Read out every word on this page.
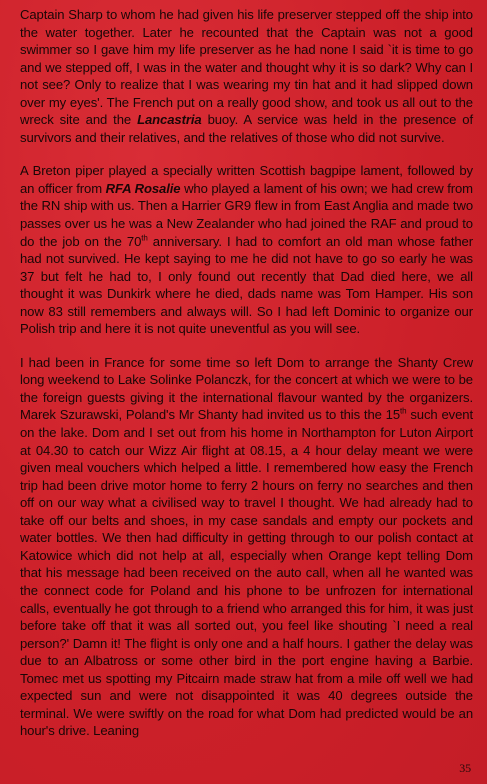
Captain Sharp to whom he had given his life preserver stepped off the ship into the water together. Later he recounted that the Captain was not a good swimmer so I gave him my life preserver as he had none I said `it is time to go and we stepped off, I was in the water and thought why it is so dark? Why can I not see? Only to realize that I was wearing my tin hat and it had slipped down over my eyes'. The French put on a really good show, and took us all out to the wreck site and the Lancastria buoy. A service was held in the presence of survivors and their relatives, and the relatives of those who did not survive.

A Breton piper played a specially written Scottish bagpipe lament, followed by an officer from RFA Rosalie who played a lament of his own; we had crew from the RN ship with us. Then a Harrier GR9 flew in from East Anglia and made two passes over us he was a New Zealander who had joined the RAF and proud to do the job on the 70th anniversary. I had to comfort an old man whose father had not survived. He kept saying to me he did not have to go so early he was 37 but felt he had to, I only found out recently that Dad died here, we all thought it was Dunkirk where he died, dads name was Tom Hamper. His son now 83 still remembers and always will. So I had left Dominic to organize our Polish trip and here it is not quite uneventful as you will see.

I had been in France for some time so left Dom to arrange the Shanty Crew long weekend to Lake Solinke Polanczk, for the concert at which we were to be the foreign guests giving it the international flavour wanted by the organizers. Marek Szurawski, Poland's Mr Shanty had invited us to this the 15th such event on the lake. Dom and I set out from his home in Northampton for Luton Airport at 04.30 to catch our Wizz Air flight at 08.15, a 4 hour delay meant we were given meal vouchers which helped a little. I remembered how easy the French trip had been drive motor home to ferry 2 hours on ferry no searches and then off on our way what a civilised way to travel I thought. We had already had to take off our belts and shoes, in my case sandals and empty our pockets and water bottles. We then had difficulty in getting through to our polish contact at Katowice which did not help at all, especially when Orange kept telling Dom that his message had been received on the auto call, when all he wanted was the connect code for Poland and his phone to be unfrozen for international calls, eventually he got through to a friend who arranged this for him, it was just before take off that it was all sorted out, you feel like shouting `I need a real person?' Damn it! The flight is only one and a half hours. I gather the delay was due to an Albatross or some other bird in the port engine having a Barbie. Tomec met us spotting my Pitcairn made straw hat from a mile off well we had expected sun and were not disappointed it was 40 degrees outside the terminal. We were swiftly on the road for what Dom had predicted would be an hour's drive. Leaning

35
